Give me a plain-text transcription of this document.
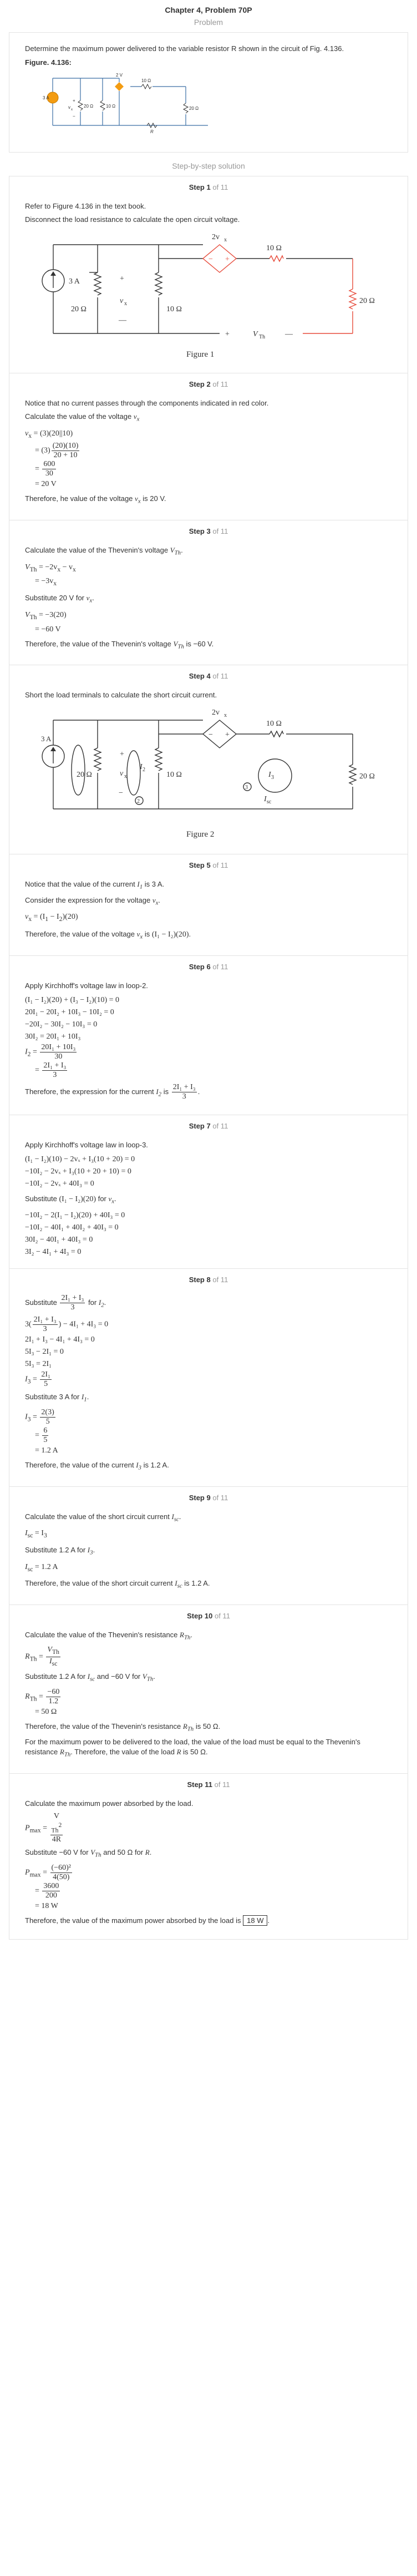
Chapter 4, Problem 70P
Problem
Determine the maximum power delivered to the variable resistor R shown in the circuit of Fig. 4.136.
Figure. 4.136:
3 A
2 V
10 Ω
20 Ω	10 Ω	20 Ω
v x
+
−
R
Step-by-step solution
Step 1 of 11
Refer to Figure 4.136 in the text book.
Disconnect the load resistance to calculate the open circuit voltage.
3 A
20 Ω	10 Ω
10 Ω
20 Ω
2v x
− +
+
v x
—
+	V Th	—
Figure 1
Step 2 of 11
Notice that no current passes through the components indicated in red color.
Calculate the value of the voltage $v_x$
$v_x = (3)(20||10)$
= $(3) \frac{(20)(10)}{20 + 10}$
= $\frac{600}{30}$
= 20 V
Therefore, he value of the voltage $v_x$ is 20 V.
Step 3 of 11
Calculate the value of the Thevenin's voltage $V_{Th}$.
$V_{Th} = -2v_x - v_x$
= $-3v_x$
Substitute 20 V for $v_x$.
$V_{Th} = -3(20)$
= −60 V
Therefore, the value of the Thevenin's voltage $V_{Th}$ is −60 V.
Step 4 of 11
Short the load terminals to calculate the short circuit current.
3 A
20 Ω	10 Ω
10 Ω
20 Ω
2v x
− +
+
v x
−
2
3
I 2
I 3
I sc
Figure 2
Step 5 of 11
Notice that the value of the current $I_1$ is 3 A.
Consider the expression for the voltage $v_x$.
$v_x = (I_1 - I_2)(20)$
Therefore, the value of the voltage $v_x$ is (I₁ − I₂)(20).
Step 6 of 11
Apply Kirchhoff's voltage law in loop-2.
(I₁ − I₂)(20) + (I₃ − I₂)(10) = 0
20I₁ − 20I₂ + 10I₃ − 10I₂ = 0
−20I₂ − 30I₂ − 10I₃ = 0
30I₂ = 20I₁ + 10I₃
$I_2 = \frac{\text{20I₁ + 10I₃}}{30}$
= $\frac{\text{2I₁ + I₃}}{3}$
Therefore, the expression for the current $I_2$ is $\frac{\text{2I₁ + I₃}}{3}$ .
Step 7 of 11
Apply Kirchhoff's voltage law in loop-3.
(I₁ − I₂)(10) − 2vₓ + I₃(10 + 20) = 0
−10I₂ − 2vₓ + I₃(10 + 20 + 10) = 0
−10I₂ − 2vₓ + 40I₃ = 0
Substitute (I₁ − I₂)(20) for $v_x$.
−10I₂ − 2(I₁ − I₂)(20) + 40I₃ = 0
−10I₂ − 40I₁ + 40I₂ + 40I₃ = 0
30I₂ − 40I₁ + 40I₃ = 0
3I₂ − 4I₁ + 4I₃ = 0
Step 8 of 11
Substitute $\frac{\text{2I₁ + I₃}}{3}$ for $I_2$.
$3( \frac{\text{2I₁ + I₃}}{3}$ ) − 4I₁ + 4I₃ = 0
2I₁ + I₃ − 4I₁ + 4I₃ = 0
5I₃ − 2I₁ = 0
5I₃ = 2I₁
$I_3 = \frac{\text{2I₁}}{5}$
Substitute 3 A for $I_1$.
$I_3 = \frac{2(3)}{5}$
= $\frac{6}{5}$
= 1.2 A
Therefore, the value of the current $I_3$ is 1.2 A.
Step 9 of 11
Calculate the value of the short circuit current $I_{sc}$.
$I_{sc} = I_3$
Substitute 1.2 A for $I_3$.
$I_{sc} = 1.2$ A
Therefore, the value of the short circuit current $I_{sc}$ is 1.2 A.
Step 10 of 11
Calculate the value of the Thevenin's resistance $R_{Th}$.
$R_{Th} = \frac{V_{Th}}{I_{sc}}$
Substitute 1.2 A for $I_{sc}$ and −60 V for $V_{Th}$.
$R_{Th} = \frac{-60}{1.2}$
= 50 Ω
Therefore, the value of the Thevenin's resistance $R_{Th}$ is 50 Ω.
For the maximum power to be delivered to the load, the value of the load must be equal to the Thevenin's resistance $R_{Th}$. Therefore, the value of the load R is 50 Ω.
Step 11 of 11
Calculate the maximum power absorbed by the load.
$P_{max} = V$
$_{Th}^2$
4R
Substitute −60 V for $V_{Th}$ and 50 Ω for R.
$P_{max} = \frac{\text{(−60)²}}{4(50)}$
= $\frac{3600}{200}$
= 18 W
Therefore, the value of the maximum power absorbed by the load is 18 W .
